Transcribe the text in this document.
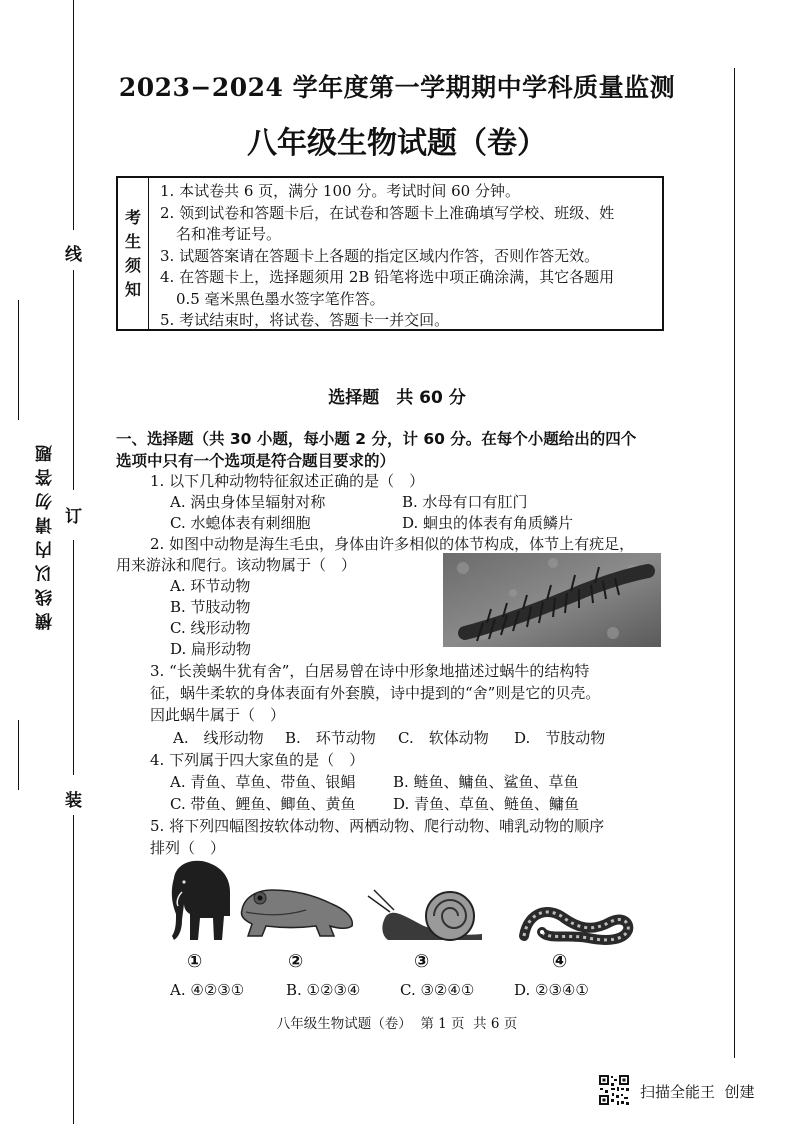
线
订
装
横线以内请勿答题
2023−2024 学年度第一学期期中学科质量监测
八年级生物试题（卷）
考
生
须
知
1. 本试卷共 6 页，满分 100 分。考试时间 60 分钟。
2. 领到试卷和答题卡后，在试卷和答题卡上准确填写学校、班级、姓
名和准考证号。
3. 试题答案请在答题卡上各题的指定区域内作答，否则作答无效。
4. 在答题卡上，选择题须用 2B 铅笔将选中项正确涂满，其它各题用
0.5 毫米黑色墨水签字笔作答。
5. 考试结束时，将试卷、答题卡一并交回。
选择题　共 60 分
一、选择题（共 30 小题，每小题 2 分，计 60 分。在每个小题给出的四个
选项中只有一个选项是符合题目要求的）
1. 以下几种动物特征叙述正确的是（　）
A. 涡虫身体呈辐射对称	B. 水母有口有肛门
C. 水螅体表有刺细胞	D. 蛔虫的体表有角质鳞片
2. 如图中动物是海生毛虫，身体由许多相似的体节构成，体节上有疣足，
用来游泳和爬行。该动物属于（　）
A. 环节动物
B. 节肢动物
C. 线形动物
D. 扁形动物
3. “长羡蜗牛犹有舍”，白居易曾在诗中形象地描述过蜗牛的结构特
征，蜗牛柔软的身体表面有外套膜，诗中提到的“舍”则是它的贝壳。
因此蜗牛属于（　）
A.　线形动物 B.　环节动物 C.　软体动物 D.　节肢动物
4. 下列属于四大家鱼的是（　）
A. 青鱼、草鱼、带鱼、银鲳	B. 鲢鱼、鳙鱼、鲨鱼、草鱼
C. 带鱼、鲤鱼、鲫鱼、黄鱼	D. 青鱼、草鱼、鲢鱼、鳙鱼
5. 将下列四幅图按软体动物、两栖动物、爬行动物、哺乳动物的顺序
排列（　）
①	②	③	④
A. ④②③①	B. ①②③④	C. ③②④①	D. ②③④①
八年级生物试题（卷）  第 1 页  共 6 页
扫描全能王  创建
